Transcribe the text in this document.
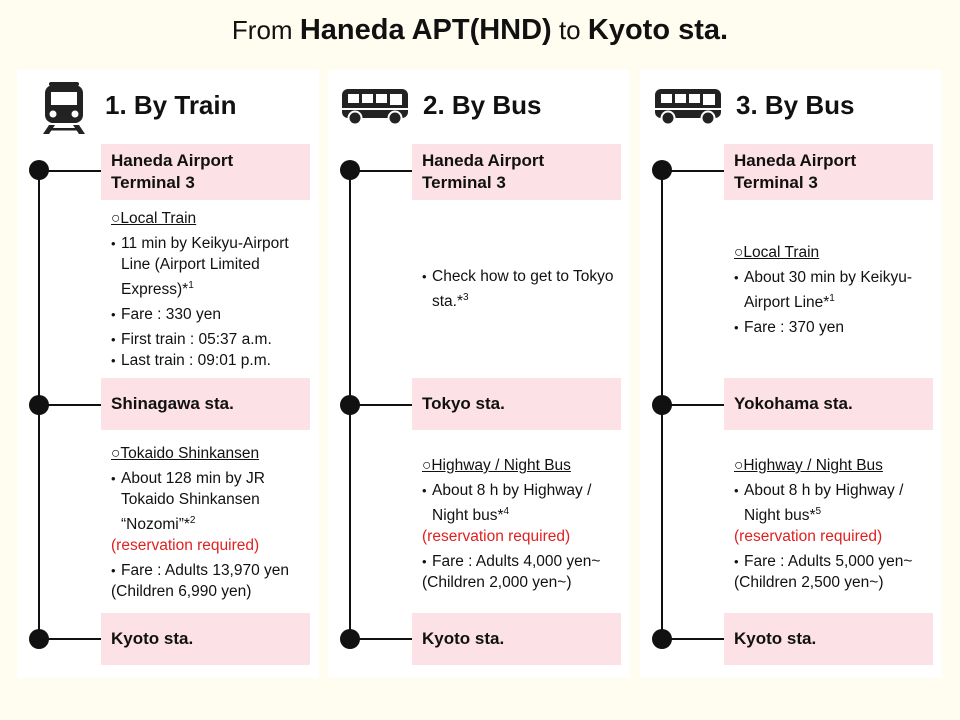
From Haneda APT(HND) to Kyoto sta.
1. By Train
Haneda Airport
Terminal 3
○Local Train
• 11 min by Keikyu-Airport Line (Airport Limited Express)*$^1$
• Fare : 330 yen
• First train : 05:37 a.m.
• Last train : 09:01 p.m.
Shinagawa sta.
○Tokaido Shinkansen
• About 128 min by JR Tokaido Shinkansen “Nozomi”*$^2$
(reservation required)
• Fare : Adults 13,970 yen
(Children 6,990 yen)
Kyoto sta.
2. By Bus
Haneda Airport
Terminal 3
• Check how to get to Tokyo sta.*$^3$
Tokyo sta.
○Highway / Night Bus
• About 8 h by Highway / Night bus*$^4$
(reservation required)
• Fare : Adults 4,000 yen~
(Children 2,000 yen~)
Kyoto sta.
3. By Bus
Haneda Airport
Terminal 3
○Local Train
• About 30 min by Keikyu-Airport Line*$^1$
• Fare : 370 yen
Yokohama sta.
○Highway / Night Bus
• About 8 h by Highway / Night bus*$^5$
(reservation required)
• Fare : Adults 5,000 yen~
(Children 2,500 yen~)
Kyoto sta.
